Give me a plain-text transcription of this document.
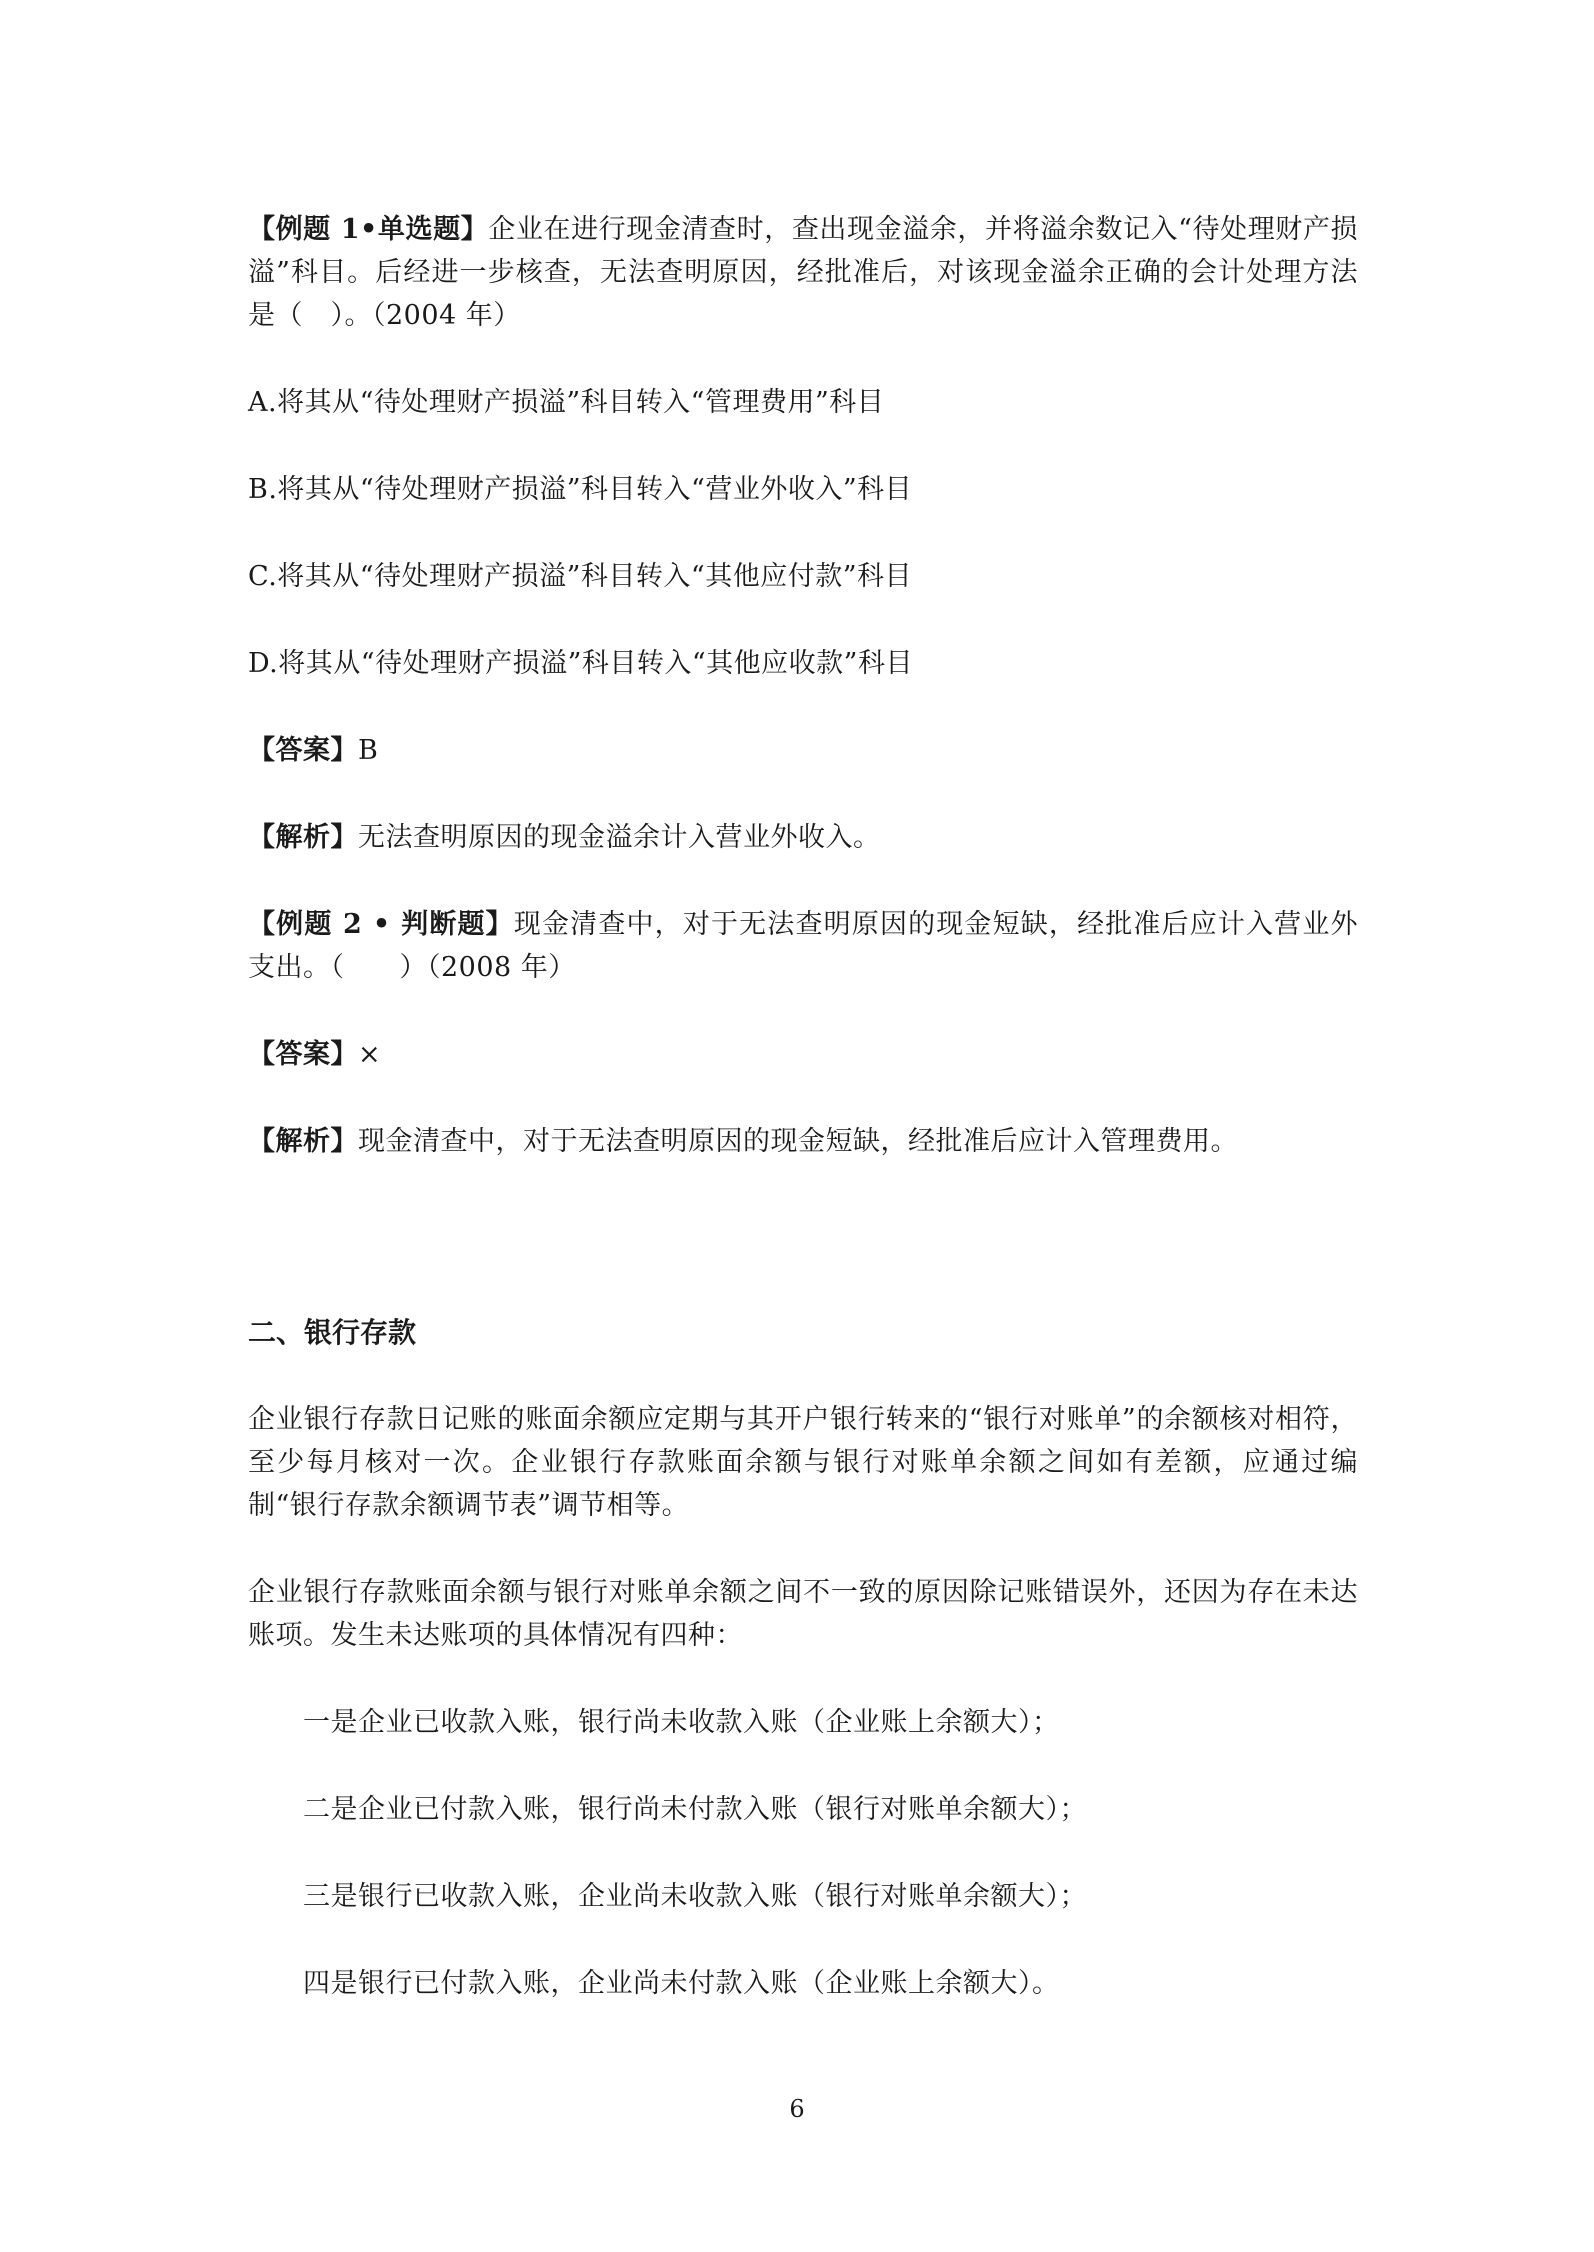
【例题 1•单选题】企业在进行现金清查时，查出现金溢余，并将溢余数记入“待处理财产损溢”科目。后经进一步核查，无法查明原因，经批准后，对该现金溢余正确的会计处理方法是（　）。（2004 年）

A.将其从“待处理财产损溢”科目转入“管理费用”科目

B.将其从“待处理财产损溢”科目转入“营业外收入”科目

C.将其从“待处理财产损溢”科目转入“其他应付款”科目

D.将其从“待处理财产损溢”科目转入“其他应收款”科目

【答案】B

【解析】无法查明原因的现金溢余计入营业外收入。

【例题 2 • 判断题】现金清查中，对于无法查明原因的现金短缺，经批准后应计入营业外支出。（　　）（2008 年）

【答案】×

【解析】现金清查中，对于无法查明原因的现金短缺，经批准后应计入管理费用。

二、银行存款

企业银行存款日记账的账面余额应定期与其开户银行转来的“银行对账单”的余额核对相符，至少每月核对一次。企业银行存款账面余额与银行对账单余额之间如有差额，应通过编制“银行存款余额调节表”调节相等。

企业银行存款账面余额与银行对账单余额之间不一致的原因除记账错误外，还因为存在未达账项。发生未达账项的具体情况有四种：

一是企业已收款入账，银行尚未收款入账（企业账上余额大）；

二是企业已付款入账，银行尚未付款入账（银行对账单余额大）；

三是银行已收款入账，企业尚未收款入账（银行对账单余额大）；

四是银行已付款入账，企业尚未付款入账（企业账上余额大）。

6
